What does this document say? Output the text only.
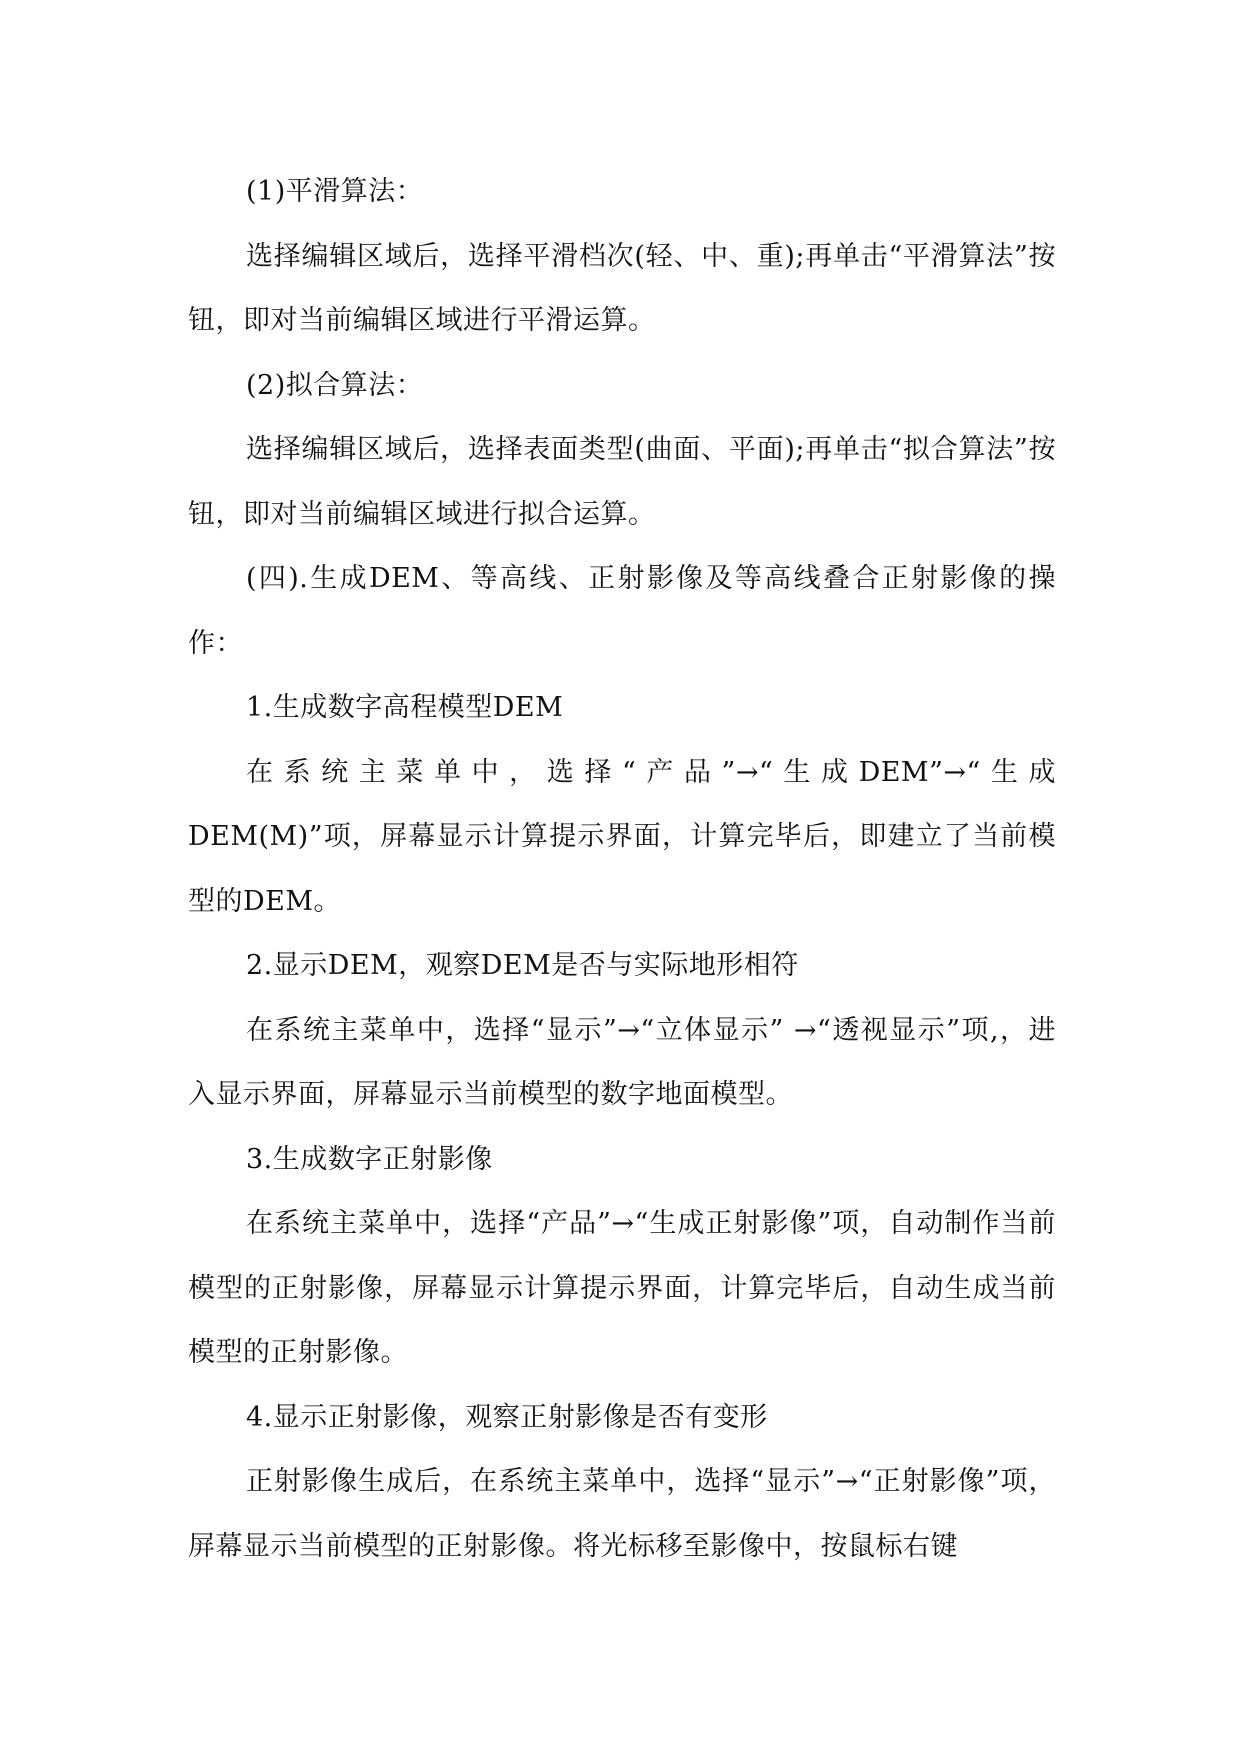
(1)平滑算法：

选择编辑区域后，选择平滑档次(轻、中、重);再单击“平滑算法”按钮，即对当前编辑区域进行平滑运算。

(2)拟合算法：

选择编辑区域后，选择表面类型(曲面、平面);再单击“拟合算法”按钮，即对当前编辑区域进行拟合运算。

(四).生成DEM、等高线、正射影像及等高线叠合正射影像的操作：

1.生成数字高程模型DEM

在系统主菜单中，选择“产品”→“生成DEM”→“生成DEM(M)”项，屏幕显示计算提示界面，计算完毕后，即建立了当前模型的DEM。

2.显示DEM，观察DEM是否与实际地形相符

在系统主菜单中，选择“显示”→“立体显示” →“透视显示”项,，进入显示界面，屏幕显示当前模型的数字地面模型。

3.生成数字正射影像

在系统主菜单中，选择“产品”→“生成正射影像”项，自动制作当前模型的正射影像，屏幕显示计算提示界面，计算完毕后，自动生成当前模型的正射影像。

4.显示正射影像，观察正射影像是否有变形

正射影像生成后，在系统主菜单中，选择“显示”→“正射影像”项，屏幕显示当前模型的正射影像。将光标移至影像中，按鼠标右键
